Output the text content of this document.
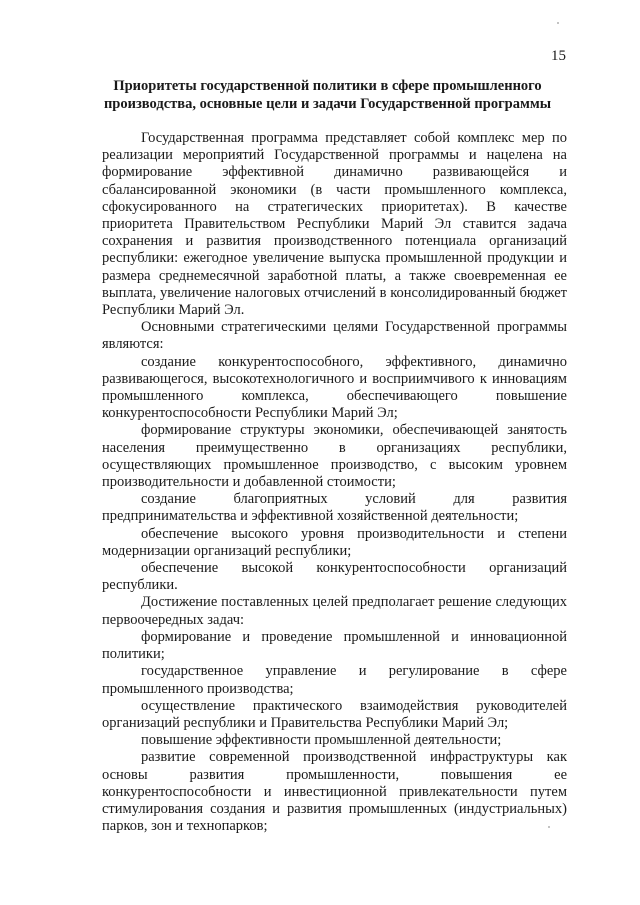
15
Приоритеты государственной политики в сфере промышленного
производства, основные цели и задачи Государственной программы

Государственная программа представляет собой комплекс мер по реализации мероприятий Государственной программы и нацелена на формирование эффективной динамично развивающейся и сбалансированной экономики (в части промышленного комплекса, сфокусированного на стратегических приоритетах). В качестве приоритета Правительством Республики Марий Эл ставится задача сохранения и развития производственного потенциала организаций республики: ежегодное увеличение выпуска промышленной продукции и размера среднемесячной заработной платы, а также своевременная ее выплата, увеличение налоговых отчислений в консолидированный бюджет Республики Марий Эл.

Основными стратегическими целями Государственной программы являются:

создание конкурентоспособного, эффективного, динамично развивающегося, высокотехнологичного и восприимчивого к инновациям промышленного комплекса, обеспечивающего повышение конкурентоспособности Республики Марий Эл;

формирование структуры экономики, обеспечивающей занятость населения преимущественно в организациях республики, осуществляющих промышленное производство, с высоким уровнем производительности и добавленной стоимости;

создание благоприятных условий для развития предпринимательства и эффективной хозяйственной деятельности;

обеспечение высокого уровня производительности и степени модернизации организаций республики;

обеспечение высокой конкурентоспособности организаций республики.

Достижение поставленных целей предполагает решение следующих первоочередных задач:

формирование и проведение промышленной и инновационной политики;

государственное управление и регулирование в сфере промышленного производства;

осуществление практического взаимодействия руководителей организаций республики и Правительства Республики Марий Эл;

повышение эффективности промышленной деятельности;

развитие современной производственной инфраструктуры как основы развития промышленности, повышения ее конкурентоспособности и инвестиционной привлекательности путем стимулирования создания и развития промышленных (индустриальных) парков, зон и технопарков;
